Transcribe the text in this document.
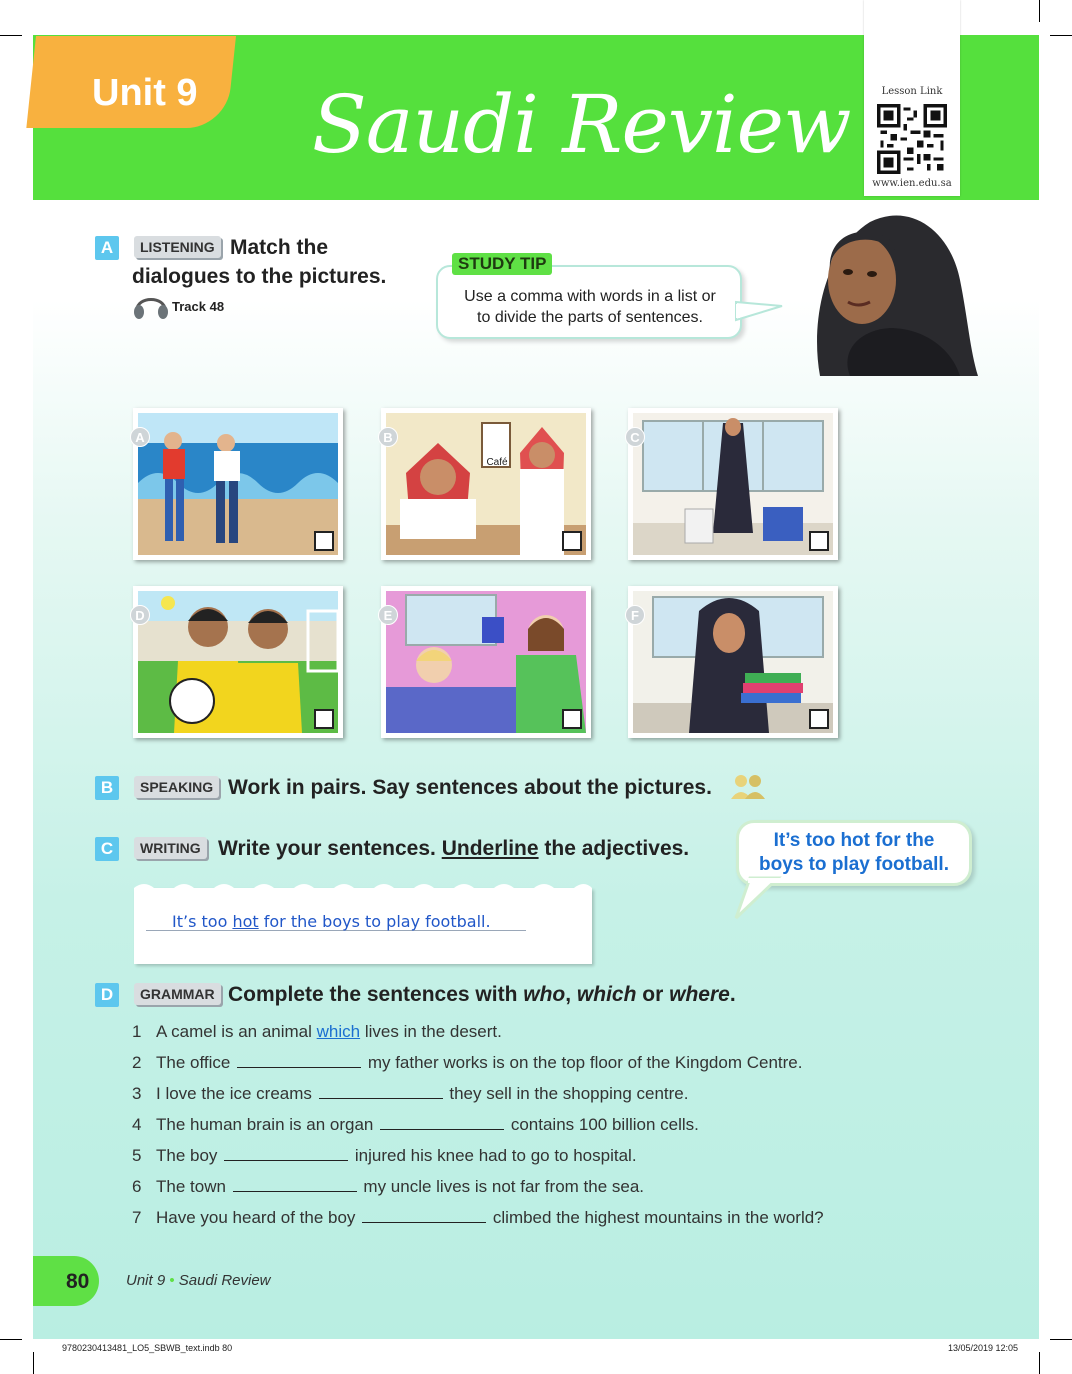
Unit 9 Saudi Review	Lesson Link
www.ien.edu.sa
A	LISTENING Match the
dialogues to the pictures.
Track 48
STUDY TIP
Use a comma with words in a list or
to divide the parts of sentences.
A
Café
B	C
D	E	F
B	SPEAKING Work in pairs. Say sentences about the pictures.
C	WRITING Write your sentences. Underline the adjectives.	It’s too hot for the
boys to play football.
It’s too hot for the boys to play football.
D	GRAMMAR Complete the sentences with who, which or where.
1 A camel is an animal which lives in the desert.
2 The office	my father works is on the top floor of the Kingdom Centre.
3 I love the ice creams	they sell in the shopping centre.
4 The human brain is an organ	contains 100 billion cells.
5 The boy	injured his knee had to go to hospital.
6 The town	my uncle lives is not far from the sea.
7 Have you heard of the boy	climbed the highest mountains in the world?
80 Unit 9 • Saudi Review
9780230413481_LO5_SBWB_text.indb 80	13/05/2019 12:05
